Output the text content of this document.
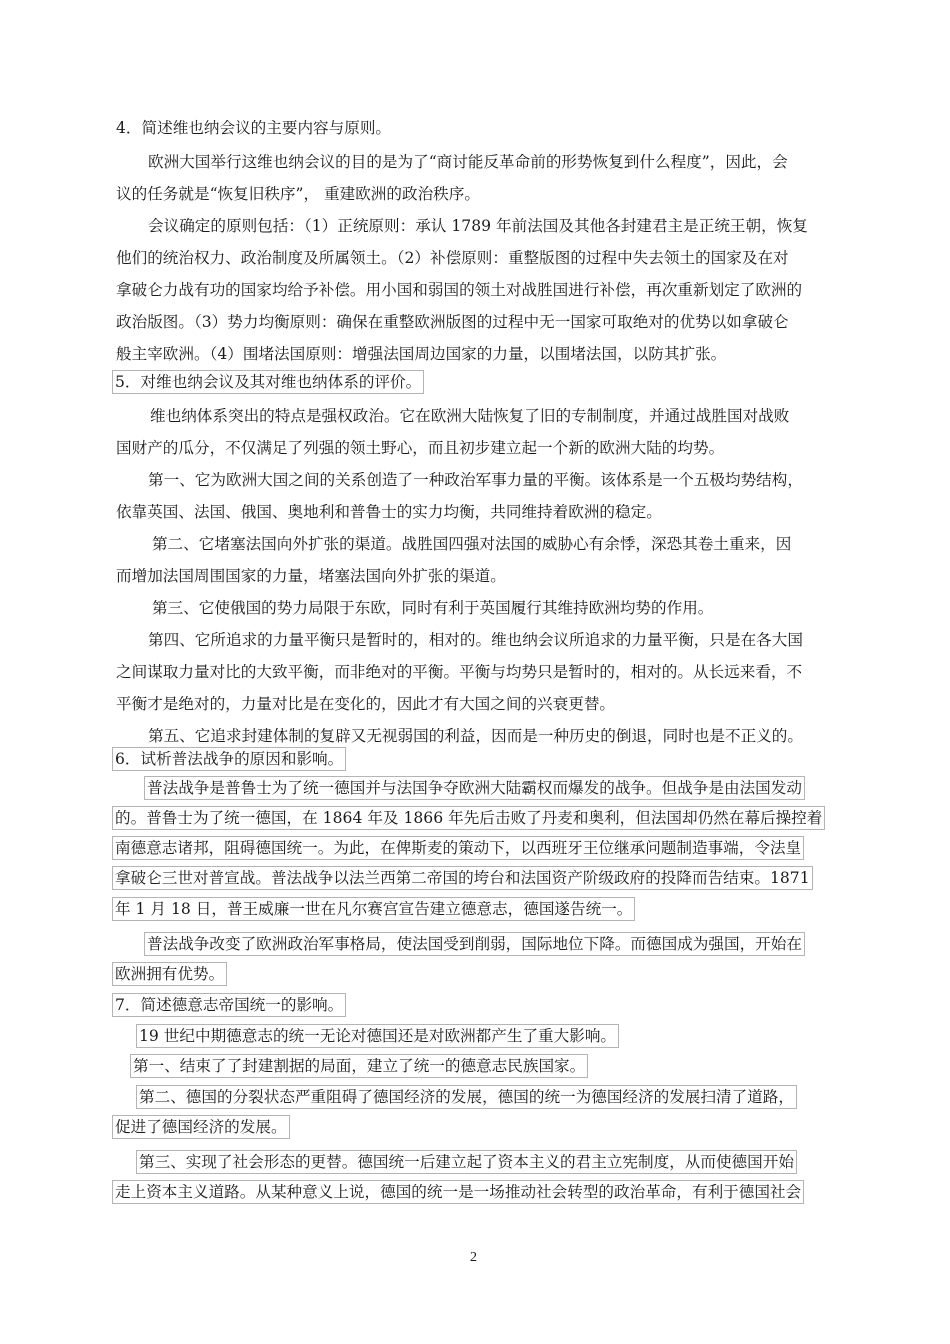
4．简述维也纳会议的主要内容与原则。
欧洲大国举行这维也纳会议的目的是为了“商讨能反革命前的形势恢复到什么程度”，因此，会
议的任务就是“恢复旧秩序”， 重建欧洲的政治秩序。
会议确定的原则包括：（1）正统原则：承认 1789 年前法国及其他各封建君主是正统王朝，恢复
他们的统治权力、政治制度及所属领土。（2）补偿原则：重整版图的过程中失去领土的国家及在对
拿破仑力战有功的国家均给予补偿。用小国和弱国的领土对战胜国进行补偿，再次重新划定了欧洲的
政治版图。（3）势力均衡原则：确保在重整欧洲版图的过程中无一国家可取绝对的优势以如拿破仑
般主宰欧洲。（4）围堵法国原则：增强法国周边国家的力量，以围堵法国，以防其扩张。
5．对维也纳会议及其对维也纳体系的评价。
维也纳体系突出的特点是强权政治。它在欧洲大陆恢复了旧的专制制度，并通过战胜国对战败
国财产的瓜分，不仅满足了列强的领土野心，而且初步建立起一个新的欧洲大陆的均势。
第一、它为欧洲大国之间的关系创造了一种政治军事力量的平衡。该体系是一个五极均势结构，
依靠英国、法国、俄国、奥地利和普鲁士的实力均衡，共同维持着欧洲的稳定。
第二、它堵塞法国向外扩张的渠道。战胜国四强对法国的威胁心有余悸，深恐其卷土重来，因
而增加法国周围国家的力量，堵塞法国向外扩张的渠道。
第三、它使俄国的势力局限于东欧，同时有利于英国履行其维持欧洲均势的作用。
第四、它所追求的力量平衡只是暂时的，相对的。维也纳会议所追求的力量平衡，只是在各大国
之间谋取力量对比的大致平衡，而非绝对的平衡。平衡与均势只是暂时的，相对的。从长远来看，不
平衡才是绝对的，力量对比是在变化的，因此才有大国之间的兴衰更替。
第五、它追求封建体制的复辟又无视弱国的利益，因而是一种历史的倒退，同时也是不正义的。
6．试析普法战争的原因和影响。
普法战争是普鲁士为了统一德国并与法国争夺欧洲大陆霸权而爆发的战争。但战争是由法国发动
的。普鲁士为了统一德国，在 1864 年及 1866 年先后击败了丹麦和奥利，但法国却仍然在幕后操控着
南德意志诸邦，阻碍德国统一。为此，在俾斯麦的策动下，以西班牙王位继承问题制造事端，令法皇
拿破仑三世对普宣战。普法战争以法兰西第二帝国的垮台和法国资产阶级政府的投降而告结束。1871
年 1 月 18 日，普王威廉一世在凡尔赛宫宣告建立德意志，德国遂告统一。
普法战争改变了欧洲政治军事格局，使法国受到削弱，国际地位下降。而德国成为强国，开始在
欧洲拥有优势。
7．简述德意志帝国统一的影响。
19 世纪中期德意志的统一无论对德国还是对欧洲都产生了重大影响。
第一、结束了了封建割据的局面，建立了统一的德意志民族国家。
第二、德国的分裂状态严重阻碍了德国经济的发展，德国的统一为德国经济的发展扫清了道路，
促进了德国经济的发展。
第三、实现了社会形态的更替。德国统一后建立起了资本主义的君主立宪制度，从而使德国开始
走上资本主义道路。从某种意义上说，德国的统一是一场推动社会转型的政治革命，有利于德国社会
2
